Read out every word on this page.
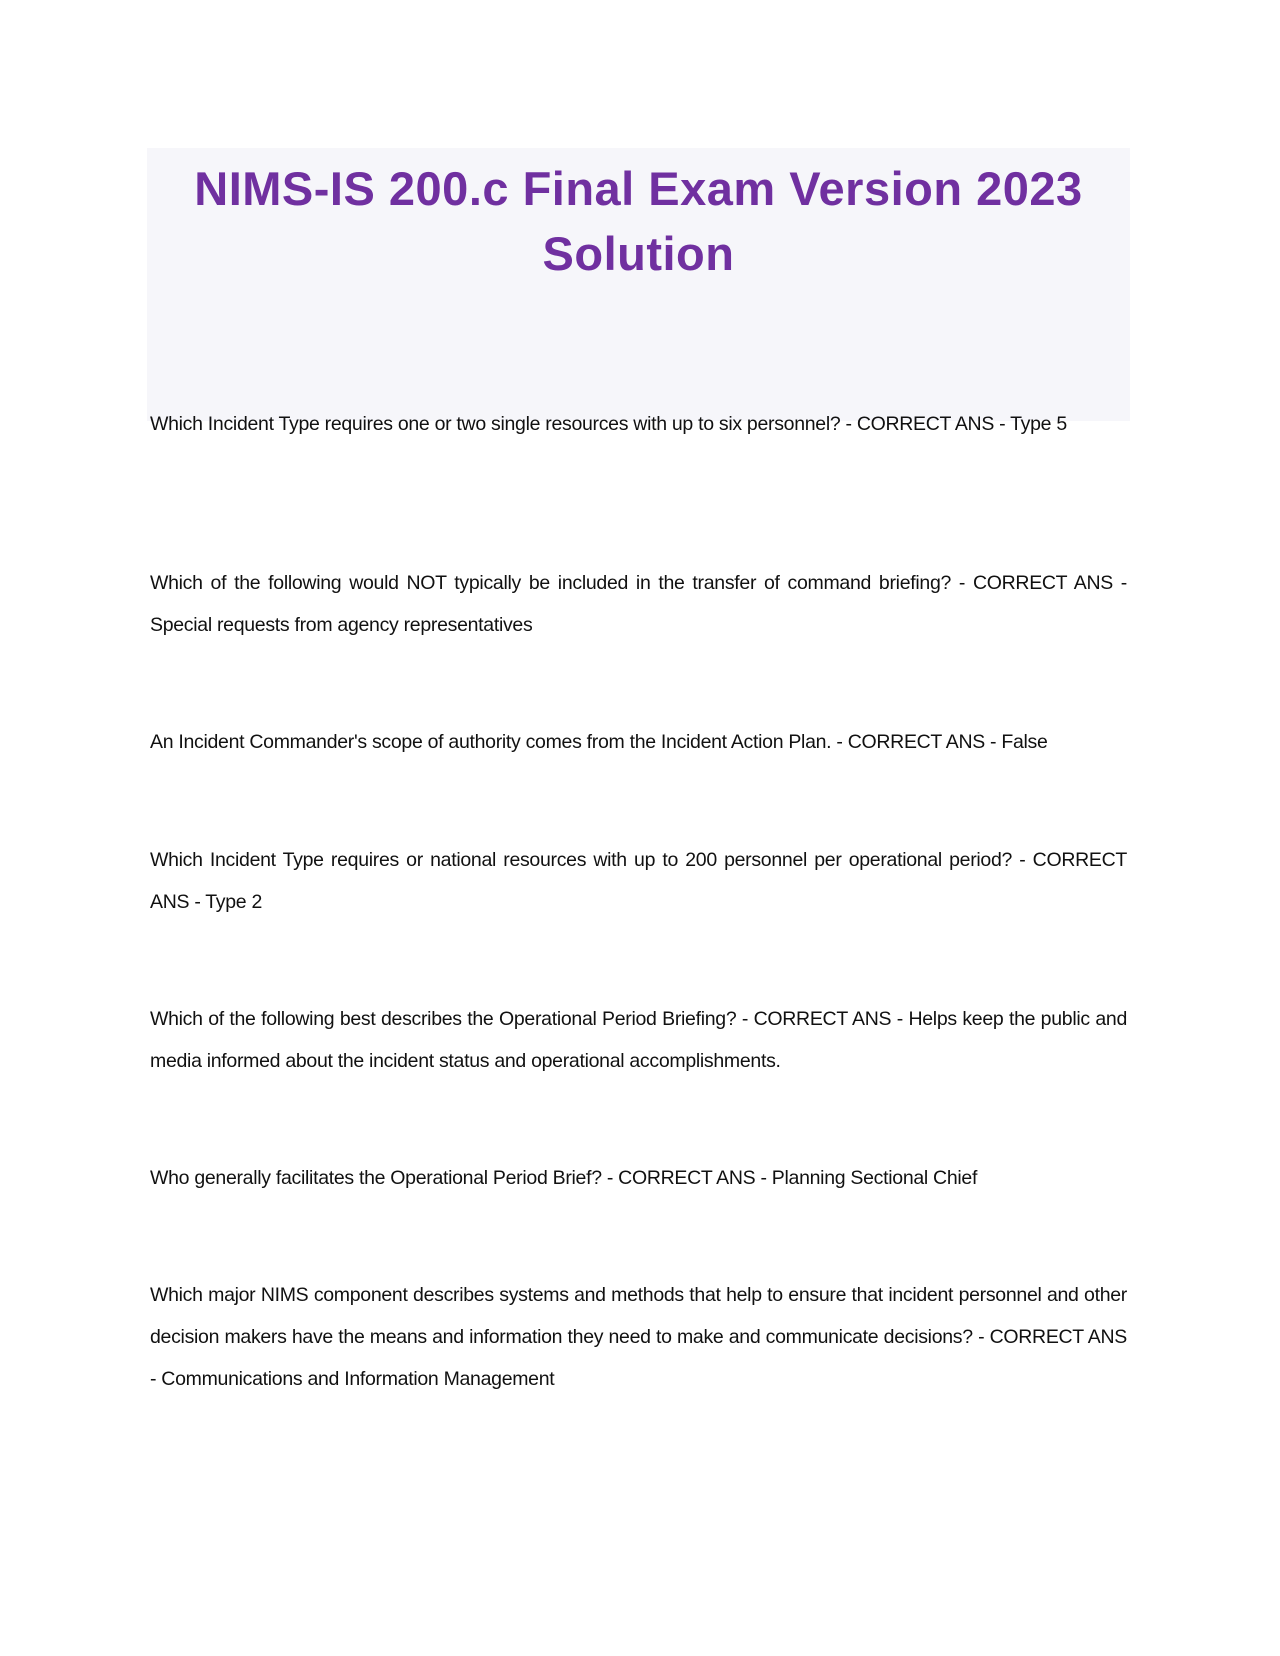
NIMS-IS 200.c Final Exam Version 2023 Solution

Which Incident Type requires one or two single resources with up to six personnel? - CORRECT ANS - Type 5

Which of the following would NOT typically be included in the transfer of command briefing? - CORRECT ANS - Special requests from agency representatives

An Incident Commander's scope of authority comes from the Incident Action Plan. - CORRECT ANS - False

Which Incident Type requires or national resources with up to 200 personnel per operational period? - CORRECT ANS - Type 2

Which of the following best describes the Operational Period Briefing? - CORRECT ANS - Helps keep the public and media informed about the incident status and operational accomplishments.

Who generally facilitates the Operational Period Brief? - CORRECT ANS - Planning Sectional Chief

Which major NIMS component describes systems and methods that help to ensure that incident personnel and other decision makers have the means and information they need to make and communicate decisions? - CORRECT ANS - Communications and Information Management
